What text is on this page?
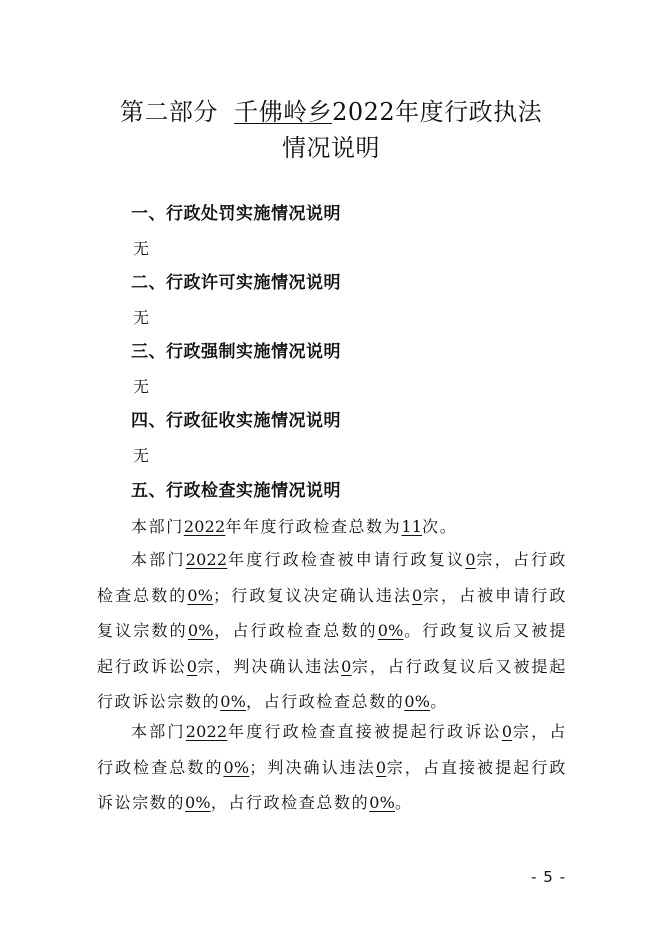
第二部分 千佛岭乡2022年度行政执法
情况说明
一、行政处罚实施情况说明
无
二、行政许可实施情况说明
无
三、行政强制实施情况说明
无
四、行政征收实施情况说明
无
五、行政检查实施情况说明
本部门2022年年度行政检查总数为11次。
本部门2022年度行政检查被申请行政复议0宗，占行政检查总数的0%；行政复议决定确认违法0宗，占被申请行政复议宗数的0%，占行政检查总数的0%。行政复议后又被提起行政诉讼0宗，判决确认违法0宗，占行政复议后又被提起行政诉讼宗数的0%，占行政检查总数的0%。
本部门2022年度行政检查直接被提起行政诉讼0宗，占行政检查总数的0%；判决确认违法0宗，占直接被提起行政诉讼宗数的0%，占行政检查总数的0%。
- 5 -
